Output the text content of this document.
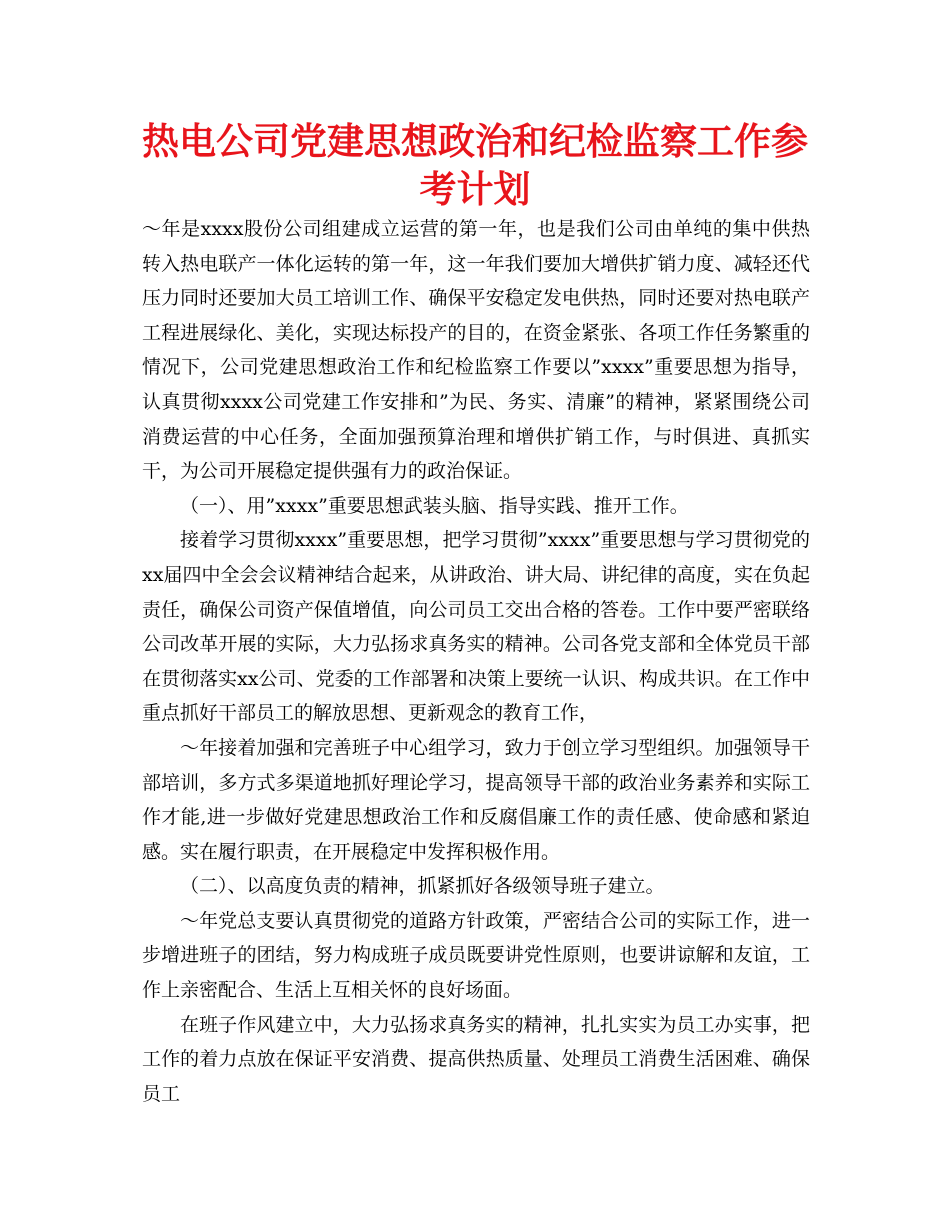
热电公司党建思想政治和纪检监察工作参考计划

～年是xxxx股份公司组建成立运营的第一年，也是我们公司由单纯的集中供热转入热电联产一体化运转的第一年，这一年我们要加大增供扩销力度、减轻还代压力同时还要加大员工培训工作、确保平安稳定发电供热，同时还要对热电联产工程进展绿化、美化，实现达标投产的目的，在资金紧张、各项工作任务繁重的情况下，公司党建思想政治工作和纪检监察工作要以”xxxx”重要思想为指导，认真贯彻xxxx公司党建工作安排和”为民、务实、清廉”的精神，紧紧围绕公司消费运营的中心任务，全面加强预算治理和增供扩销工作，与时俱进、真抓实干，为公司开展稳定提供强有力的政治保证。

（一）、用”xxxx”重要思想武装头脑、指导实践、推开工作。

接着学习贯彻xxxx”重要思想，把学习贯彻”xxxx”重要思想与学习贯彻党的xx届四中全会会议精神结合起来，从讲政治、讲大局、讲纪律的高度，实在负起责任，确保公司资产保值增值，向公司员工交出合格的答卷。工作中要严密联络公司改革开展的实际，大力弘扬求真务实的精神。公司各党支部和全体党员干部在贯彻落实xx公司、党委的工作部署和决策上要统一认识、构成共识。在工作中重点抓好干部员工的解放思想、更新观念的教育工作，

～年接着加强和完善班子中心组学习，致力于创立学习型组织。加强领导干部培训，多方式多渠道地抓好理论学习，提高领导干部的政治业务素养和实际工作才能,进一步做好党建思想政治工作和反腐倡廉工作的责任感、使命感和紧迫感。实在履行职责，在开展稳定中发挥积极作用。

（二）、以高度负责的精神，抓紧抓好各级领导班子建立。

～年党总支要认真贯彻党的道路方针政策，严密结合公司的实际工作，进一步增进班子的团结，努力构成班子成员既要讲党性原则，也要讲谅解和友谊，工作上亲密配合、生活上互相关怀的良好场面。

在班子作风建立中，大力弘扬求真务实的精神，扎扎实实为员工办实事，把工作的着力点放在保证平安消费、提高供热质量、处理员工消费生活困难、确保员工
